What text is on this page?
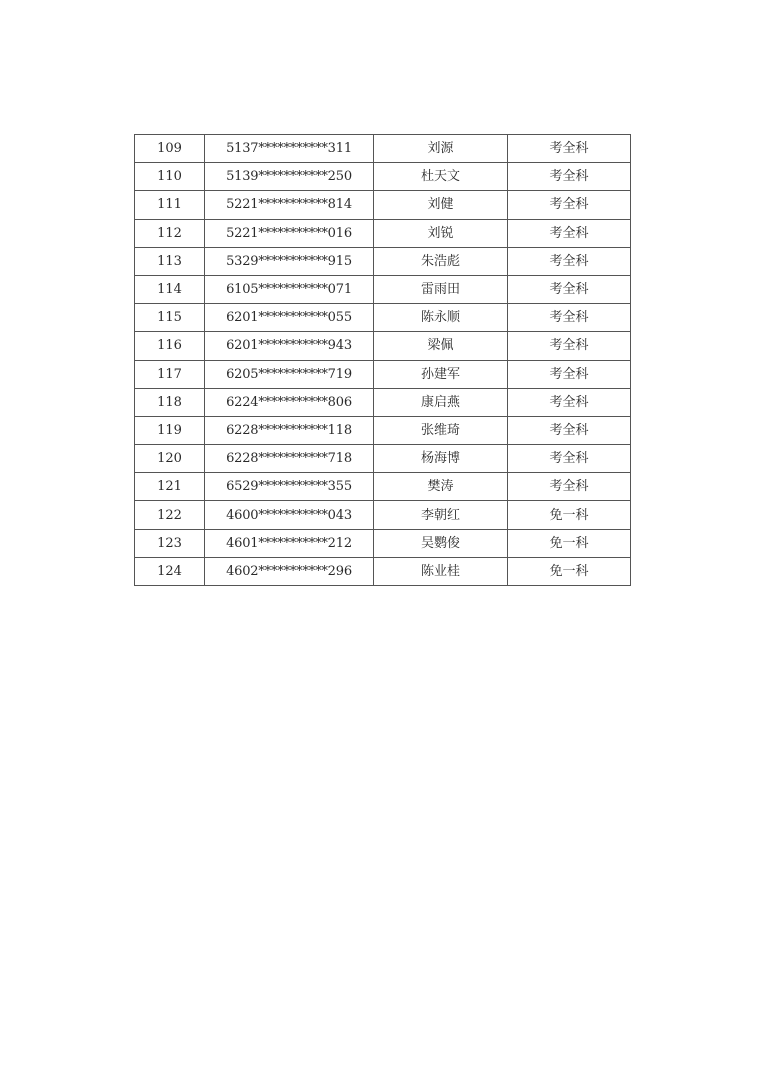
109	5137***********311	刘源	考全科
110	5139***********250	杜天文	考全科
111	5221***********814	刘健	考全科
112	5221***********016	刘锐	考全科
113	5329***********915	朱浩彪	考全科
114	6105***********071	雷雨田	考全科
115	6201***********055	陈永顺	考全科
116	6201***********943	梁佩	考全科
117	6205***********719	孙建军	考全科
118	6224***********806	康启燕	考全科
119	6228***********118	张维琦	考全科
120	6228***********718	杨海博	考全科
121	6529***********355	樊涛	考全科
122	4600***********043	李朝红	免一科
123	4601***********212	吴鹦俊	免一科
124	4602***********296	陈业桂	免一科
